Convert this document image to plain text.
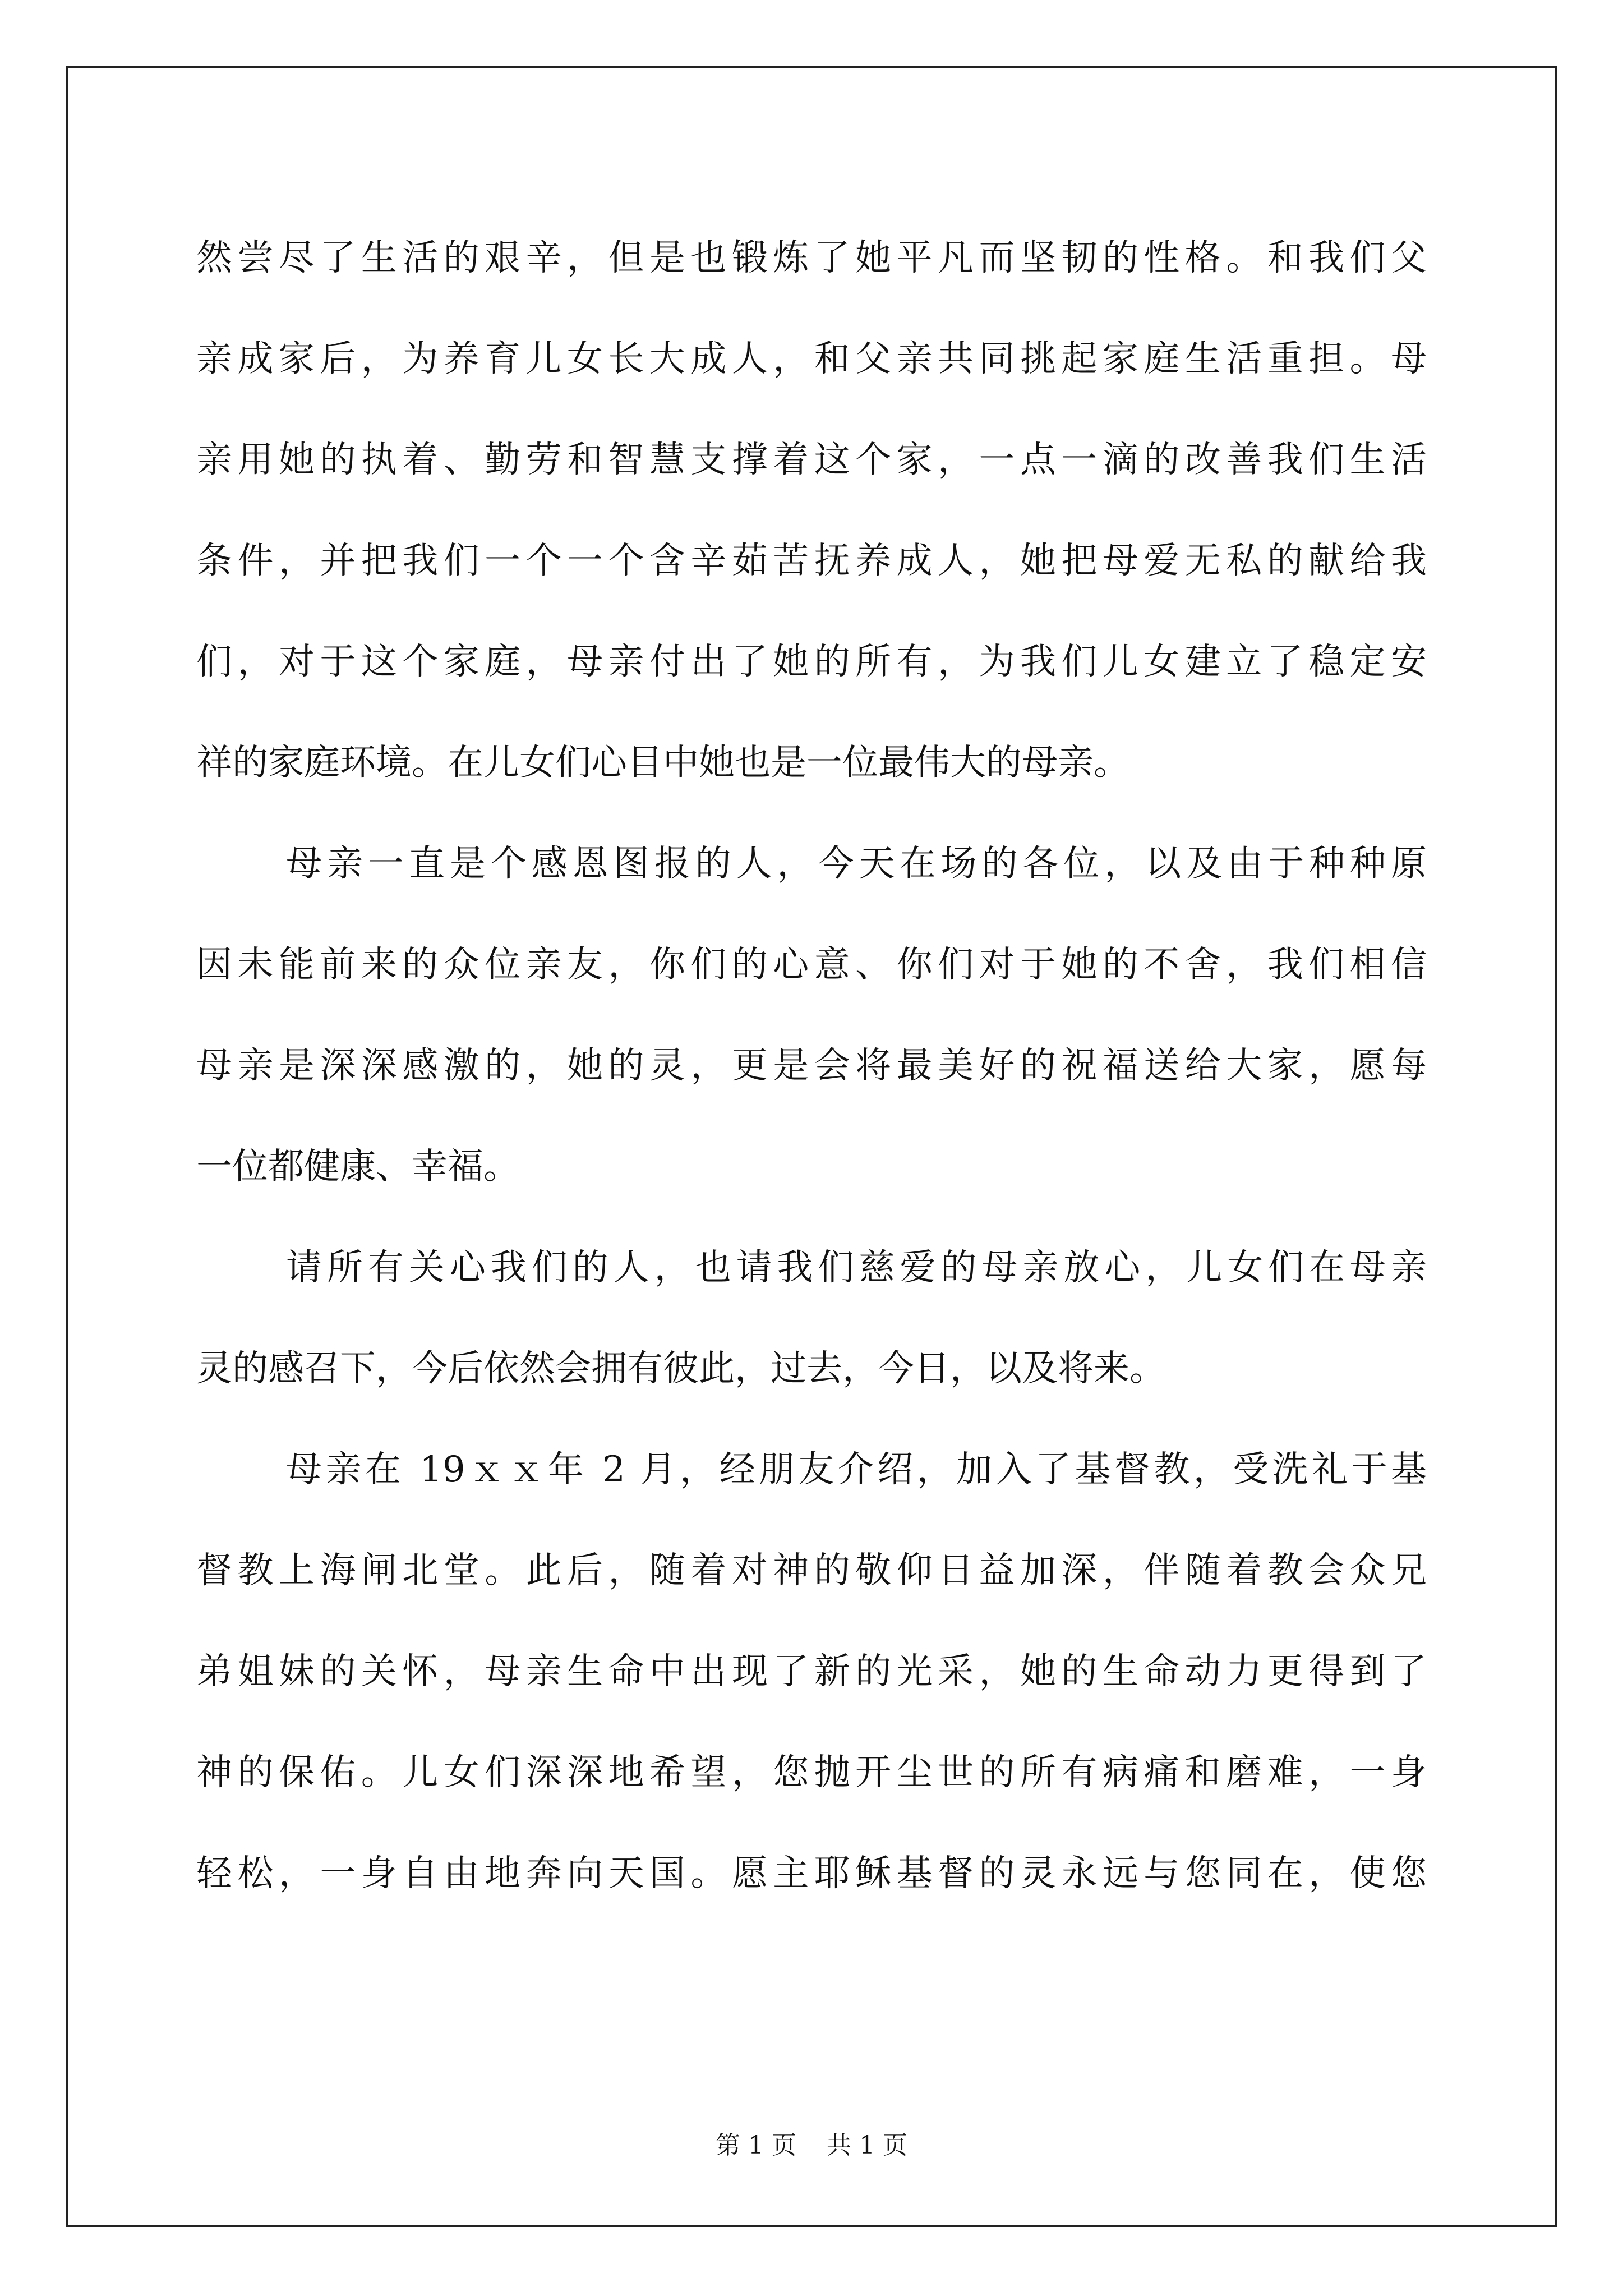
然尝尽了生活的艰辛，但是也锻炼了她平凡而坚韧的性格。和我们父
亲成家后，为养育儿女长大成人，和父亲共同挑起家庭生活重担。母
亲用她的执着、勤劳和智慧支撑着这个家，一点一滴的改善我们生活
条件，并把我们一个一个含辛茹苦抚养成人，她把母爱无私的献给我
们，对于这个家庭，母亲付出了她的所有，为我们儿女建立了稳定安
祥的家庭环境。在儿女们心目中她也是一位最伟大的母亲。
母亲一直是个感恩图报的人，今天在场的各位，以及由于种种原
因未能前来的众位亲友，你们的心意、你们对于她的不舍，我们相信
母亲是深深感激的，她的灵，更是会将最美好的祝福送给大家，愿每
一位都健康、幸福。
请所有关心我们的人，也请我们慈爱的母亲放心，儿女们在母亲
灵的感召下，今后依然会拥有彼此，过去，今日，以及将来。
母亲在 19ｘｘ年 2 月，经朋友介绍，加入了基督教，受洗礼于基
督教上海闸北堂。此后，随着对神的敬仰日益加深，伴随着教会众兄
弟姐妹的关怀，母亲生命中出现了新的光采，她的生命动力更得到了
神的保佑。儿女们深深地希望，您抛开尘世的所有病痛和磨难，一身
轻松，一身自由地奔向天国。愿主耶稣基督的灵永远与您同在，使您
第 1 页 共 1 页
